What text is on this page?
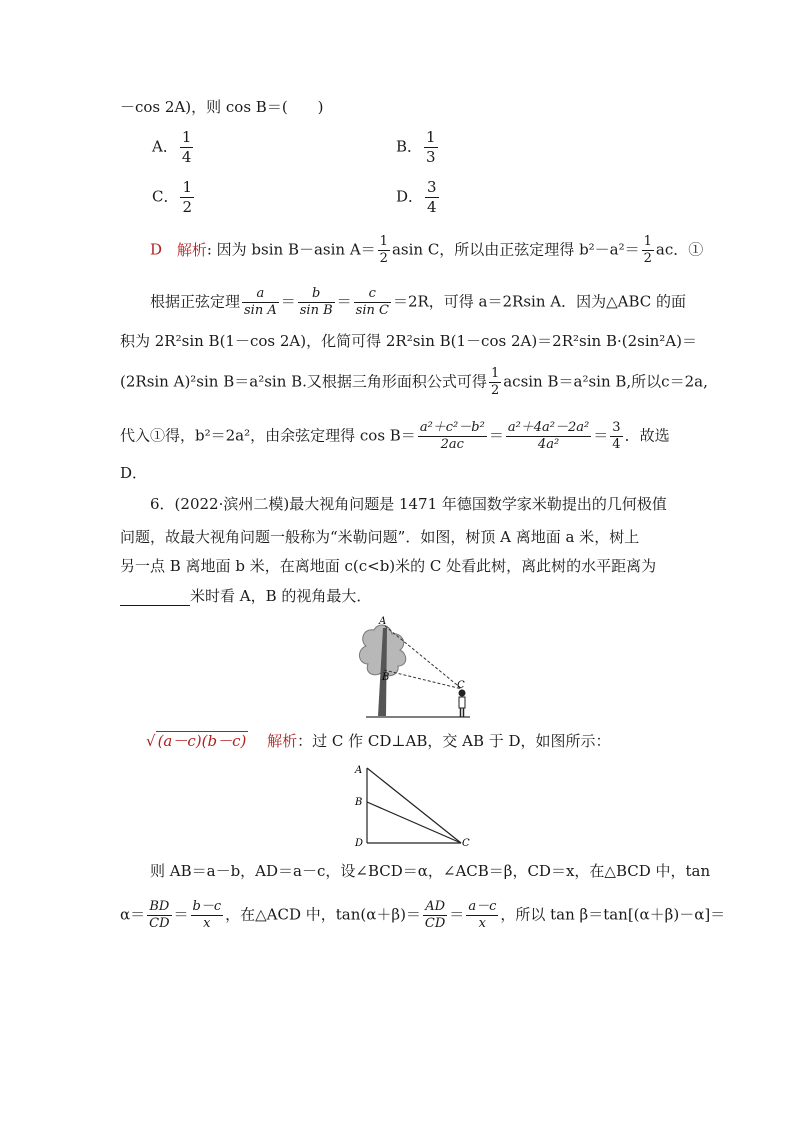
－cos 2A)，则 cos B＝(　　)
A． $\frac{1}{4}$	B． $\frac{1}{3}$
C． $\frac{1}{2}$	D． $\frac{3}{4}$
D 解析: 因为 bsin B－asin $A= \frac{1}{2}$ asin C，所以由正弦定理得 $b^2-a^2= \frac{1}{2}$ ac．①
根据正弦定理 $\frac{a}{\text{sin A}} = \frac{b}{\text{sin B}} = \frac{c}{\text{sin C}} =2R$，可得 a＝2Rsin A．因为△ABC 的面
积为 2R²sin B(1－cos 2A)，化简可得 2R²sin B(1－cos 2A)＝2R²sin B·(2sin²A)＝
(2Rsin A)²sin B＝a²sin B.又根据三角形面积公式可得 $\frac{1}{2}$ acsin B＝a²sin B,所以c＝2a,
代入①得，b²＝2a²，由余弦定理得 $\cos B= \frac{\text{a²＋c²－b²}}{2ac} = \frac{\text{a²＋4a²－2a²}}{\text{4a²}} = \frac{3}{4}$ ．故选
D．
6．(2022·滨州二模)最大视角问题是 1471 年德国数学家米勒提出的几何极值
问题，故最大视角问题一般称为“米勒问题”．如图，树顶 A 离地面 a 米，树上
另一点 B 离地面 b 米，在离地面 c(c<b)米的 C 处看此树，离此树的水平距离为
米时看 A，B 的视角最大．
A
B
C
√ (a－c)(b－c) 解析：过 C 作 CD⊥AB，交 AB 于 D，如图所示：
A
B
D	C
则 AB＝a－b，AD＝a－c，设∠BCD＝α，∠ACB＝β，CD＝x，在△BCD 中，tan
$\alpha= \frac{BD}{CD} = \frac{b-c}{x}$ ，在△ACD 中，$\tan(\alpha+\beta)= \frac{AD}{CD} = \frac{a-c}{x}$ ，所以 tan β＝tan[(α＋β)－α]＝
